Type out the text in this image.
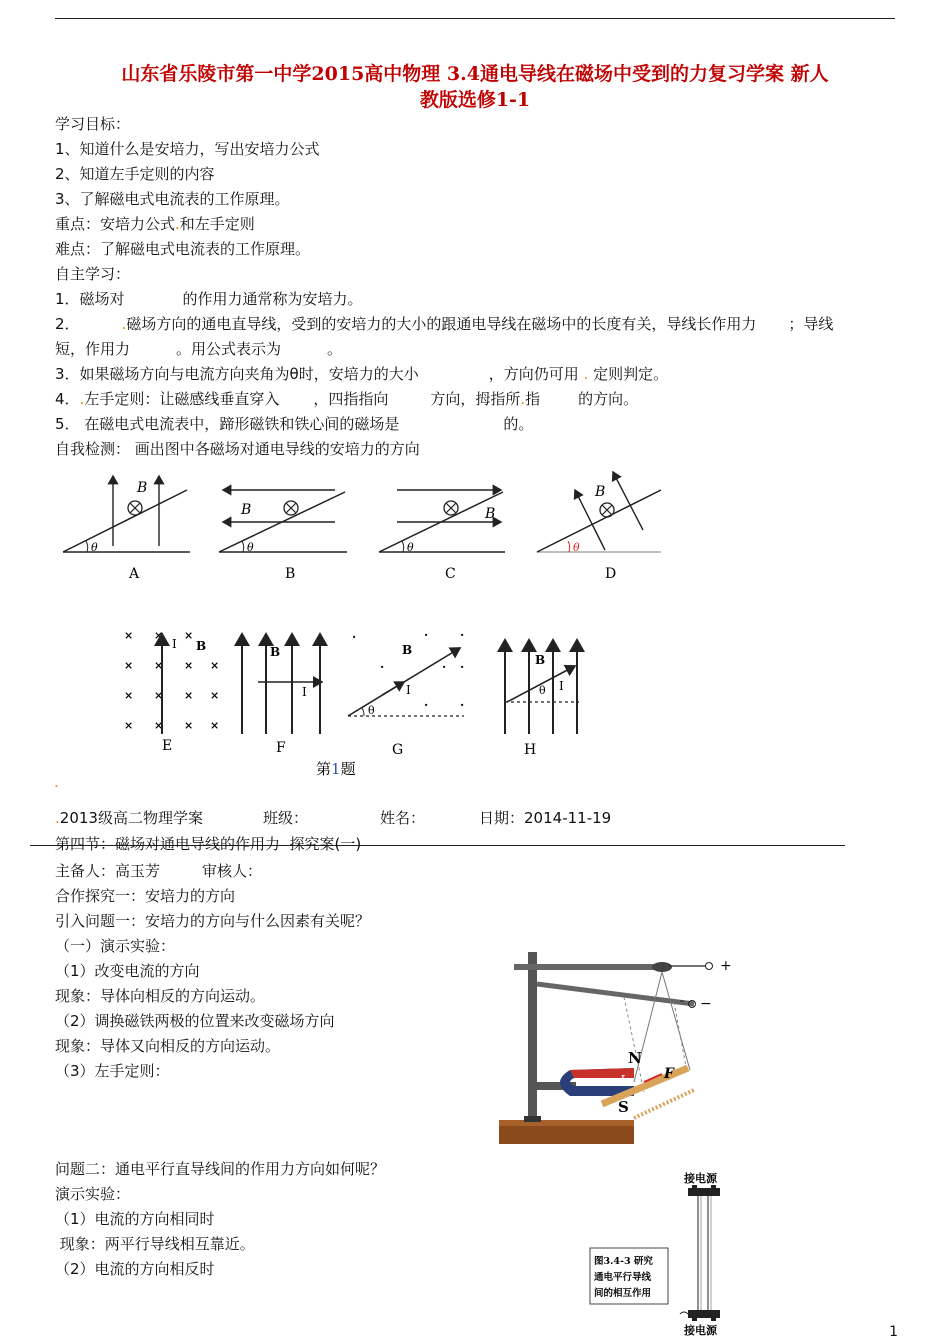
山东省乐陵市第一中学2015高中物理 3.4通电导线在磁场中受到的力复习学案 新人
教版选修1-1
学习目标：
1、知道什么是安培力，写出安培力公式
2、知道左手定则的内容
3、了解磁电式电流表的工作原理。
重点：安培力公式.和左手定则
难点：了解磁电式电流表的工作原理。
自主学习：
1．磁场对	的作用力通常称为安培力。
2．	.磁场方向的通电直导线，受到的安培力的大小的跟通电导线在磁场中的长度有关，导线长作用力 ；导线
短，作用力	。用公式表示为	。
3．如果磁场方向与电流方向夹角为θ时，安培力的大小	，方向仍可用 . 定则判定。
4．.左手定则：让磁感线垂直穿入 ，四指指向	方向，拇指所.指	的方向。
5． 在磁电式电流表中，蹄形磁铁和铁心间的磁场是	的。
自我检测： 画出图中各磁场对通电导线的安培力的方向
B
θ
B
θ
B
θ
B
θ
A	B	C	D
× × ×
× × × ×
× × × ×
× × × ×
I B	B
I
.	.	.
.	. .
.	.
B
I
θ
B
θ I
E	F	G	H
第1题
.
.2013级高二物理学案	班级：	姓名：	日期：2014-11-19
第四节：磁场对通电导线的作用力  探究案(一)
主备人：高玉芳	审核人：
合作探究一：安培力的方向
引入问题一：安培力的方向与什么因素有关呢？
（一）演示实验：
（1）改变电流的方向
现象：导体向相反的方向运动。
（2）调换磁铁两极的位置来改变磁场方向
现象：导体又向相反的方向运动。
（3）左手定则：
+
−
N
S
I	F
问题二：通电平行直导线间的作用力方向如何呢？
演示实验：
（1）电流的方向相同时
现象：两平行导线相互靠近。
（2）电流的方向相反时
接电源
图3.4-3 研究
通电平行导线
间的相互作用
接电源	1
